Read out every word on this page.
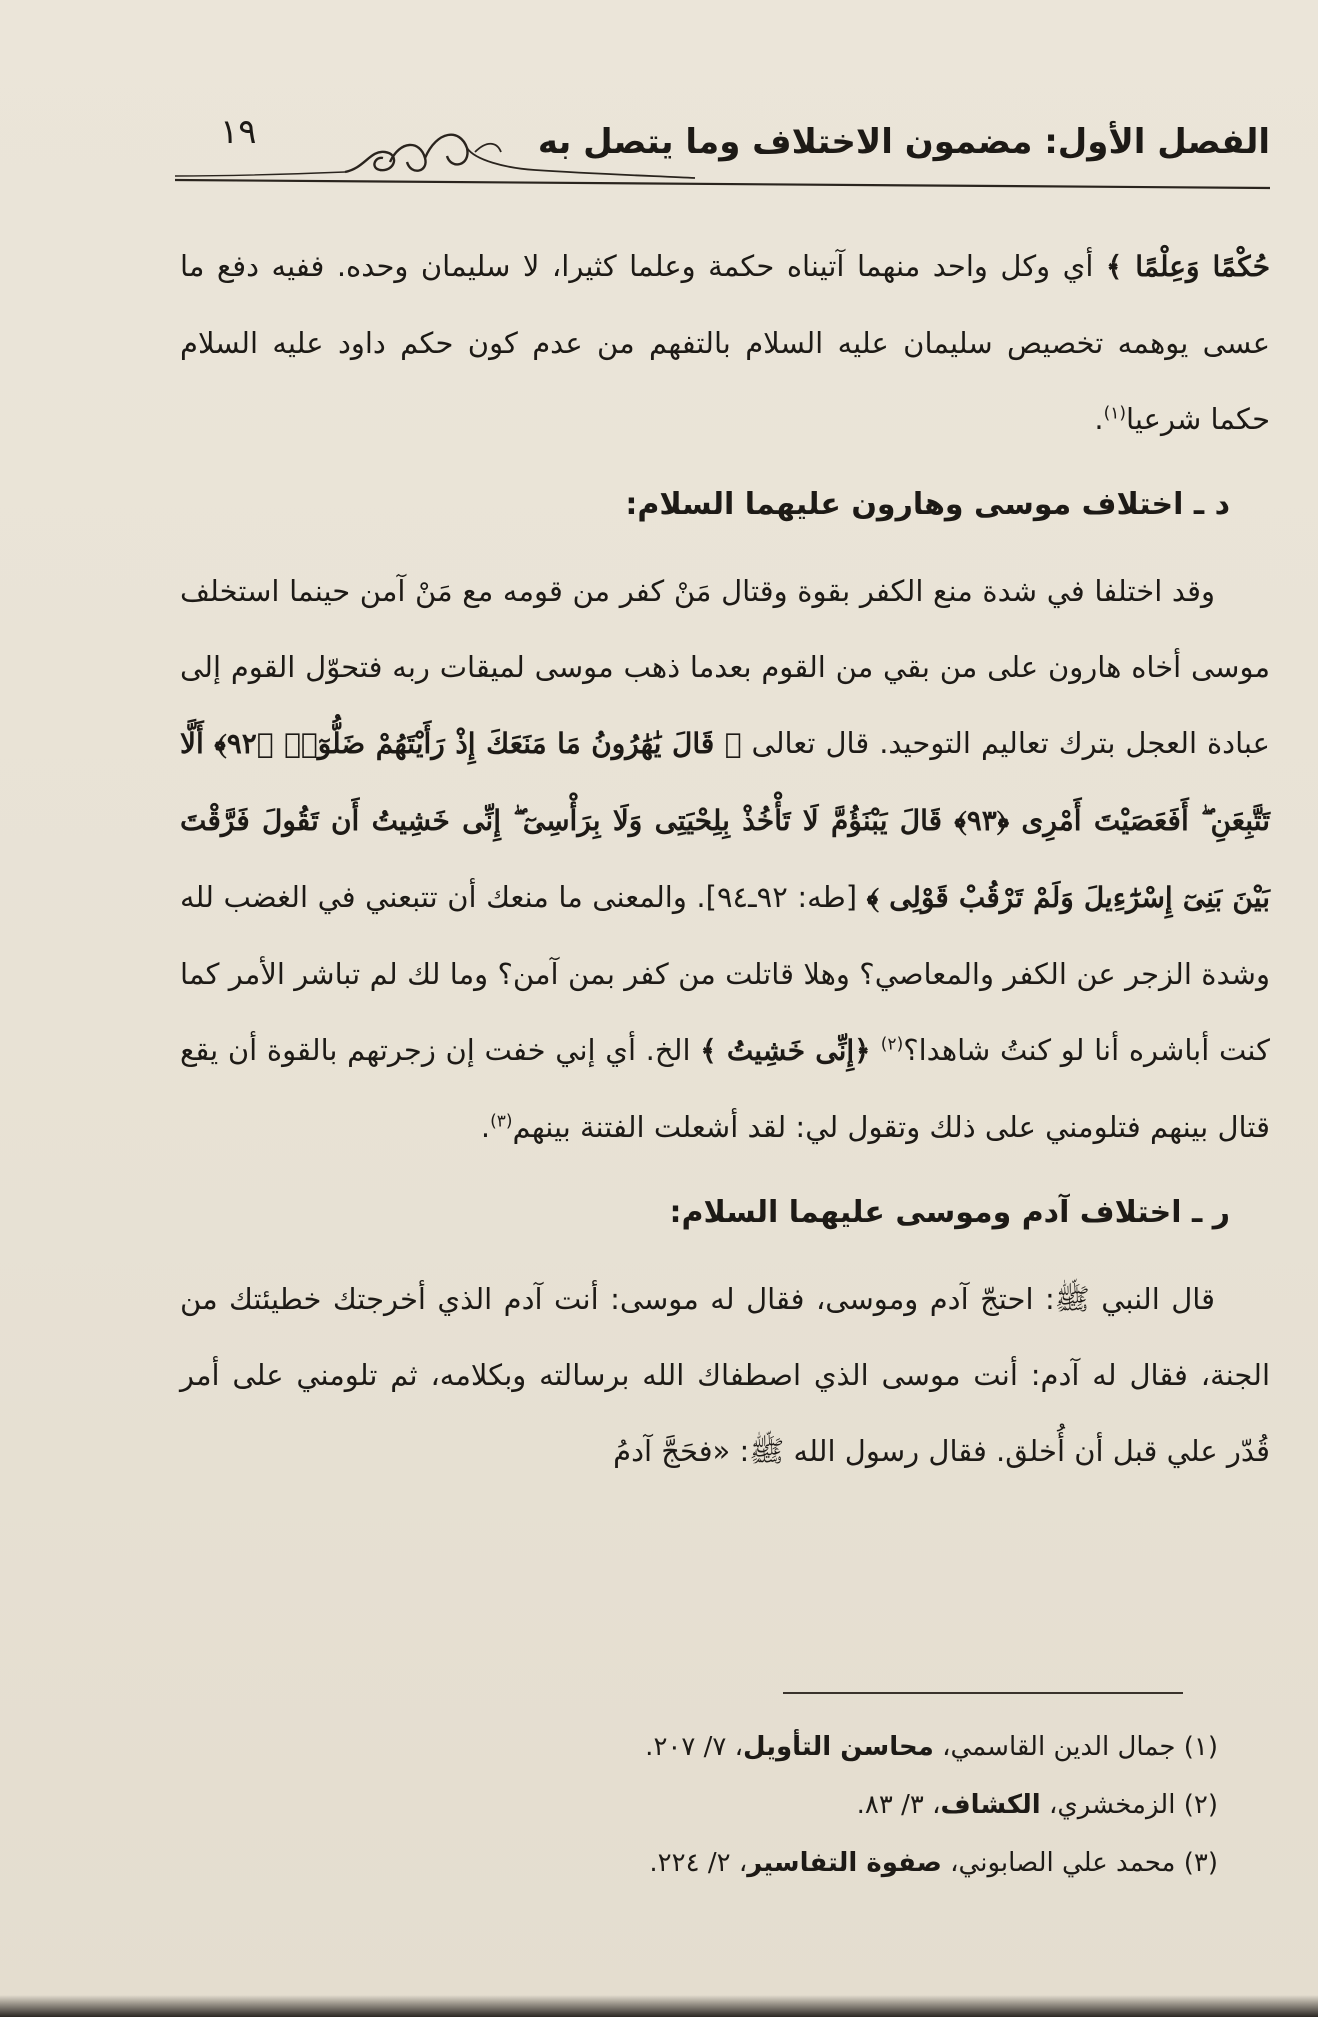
١٩	الفصل الأول: مضمون الاختلاف وما يتصل به

حُكْمًا وَعِلْمًا ﴾ أي وكل واحد منهما آتيناه حكمة وعلما كثيرا، لا سليمان وحده. ففيه دفع ما عسى يوهمه تخصيص سليمان عليه السلام بالتفهم من عدم كون حكم داود عليه السلام حكما شرعيا$^{(١)}$.

د ـ اختلاف موسى وهارون عليهما السلام:

وقد اختلفا في شدة منع الكفر بقوة وقتال مَنْ كفر من قومه مع مَنْ آمن حينما استخلف موسى أخاه هارون على من بقي من القوم بعدما ذهب موسى لميقات ربه فتحوّل القوم إلى عبادة العجل بترك تعاليم التوحيد. قال تعالى ﴿ قَالَ يَٰهَٰرُونُ مَا مَنَعَكَ إِذْ رَأَيْتَهُمْ ضَلُّوٓا۟ ﴿٩٢﴾ أَلَّا تَتَّبِعَنِ ۖ أَفَعَصَيْتَ أَمْرِى ﴿٩٣﴾ قَالَ يَبْنَؤُمَّ لَا تَأْخُذْ بِلِحْيَتِى وَلَا بِرَأْسِىٓ ۖ إِنِّى خَشِيتُ أَن تَقُولَ فَرَّقْتَ بَيْنَ بَنِىٓ إِسْرَٰٓءِيلَ وَلَمْ تَرْقُبْ قَوْلِى ﴾ [طه: ٩٢ـ٩٤]. والمعنى ما منعك أن تتبعني في الغضب لله وشدة الزجر عن الكفر والمعاصي؟ وهلا قاتلت من كفر بمن آمن؟ وما لك لم تباشر الأمر كما كنت أباشره أنا لو كنتُ شاهدا؟$^{(٢)}$ ﴿إِنِّى خَشِيتُ ﴾ الخ. أي إني خفت إن زجرتهم بالقوة أن يقع قتال بينهم فتلومني على ذلك وتقول لي: لقد أشعلت الفتنة بينهم$^{(٣)}$.

ر ـ اختلاف آدم وموسى عليهما السلام:

قال النبي ﷺ: احتجّ آدم وموسى، فقال له موسى: أنت آدم الذي أخرجتك خطيئتك من الجنة، فقال له آدم: أنت موسى الذي اصطفاك الله برسالته وبكلامه، ثم تلومني على أمر قُدّر علي قبل أن أُخلق. فقال رسول الله ﷺ: «فحَجَّ آدمُ

(١) جمال الدين القاسمي، محاسن التأويل، ٧/ ٢٠٧.
(٢) الزمخشري، الكشاف، ٣/ ٨٣.
(٣) محمد علي الصابوني، صفوة التفاسير، ٢/ ٢٢٤.
